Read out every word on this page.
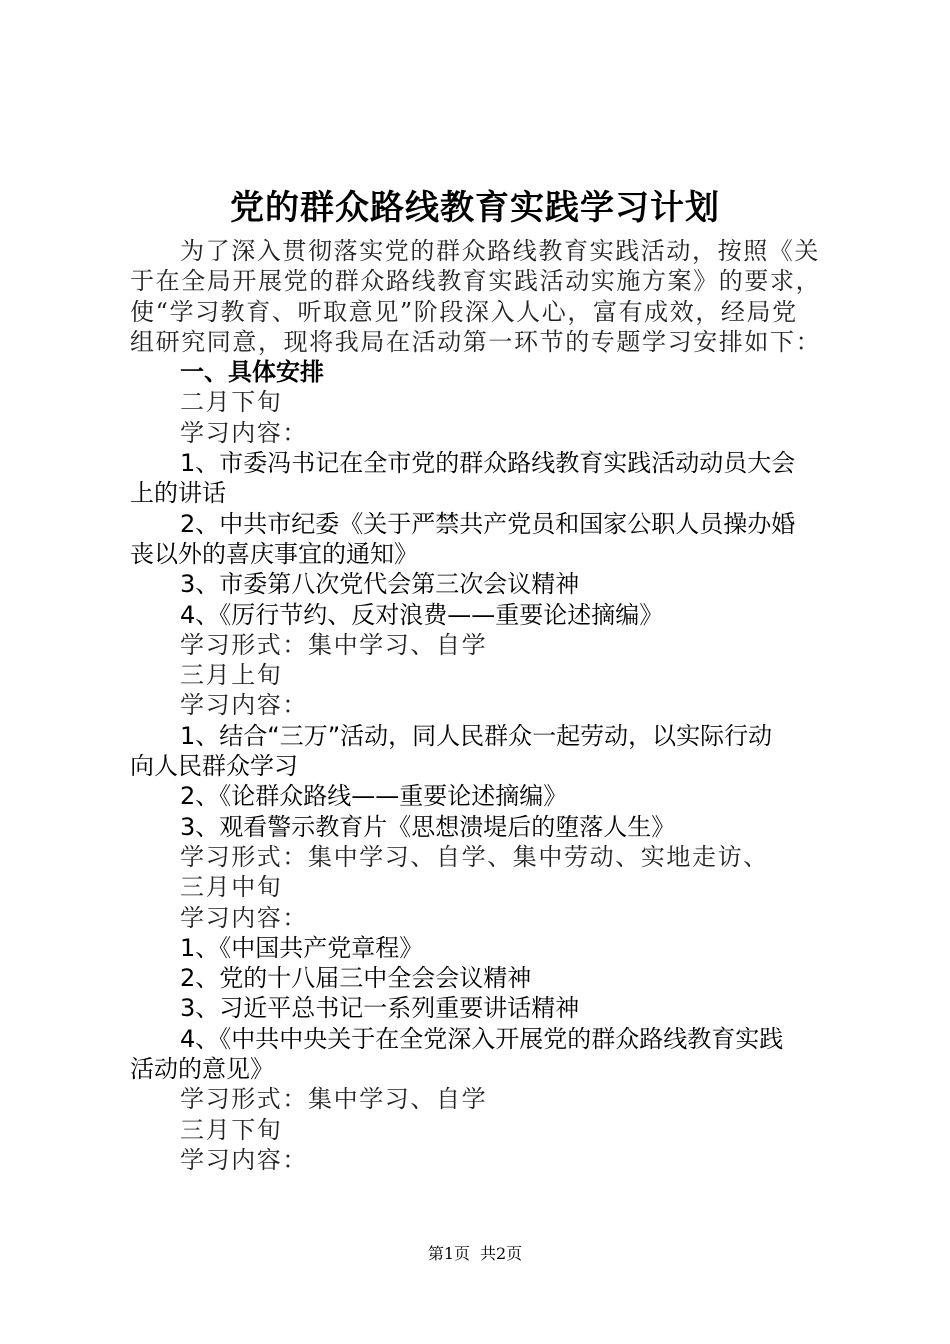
党的群众路线教育实践学习计划
为了深入贯彻落实党的群众路线教育实践活动，按照《关
于在全局开展党的群众路线教育实践活动实施方案》的要求，
使“学习教育、听取意见”阶段深入人心，富有成效，经局党
组研究同意，现将我局在活动第一环节的专题学习安排如下：
一、具体安排
二月下旬
学习内容：
1、市委冯书记在全市党的群众路线教育实践活动动员大会
上的讲话
2、中共市纪委《关于严禁共产党员和国家公职人员操办婚
丧以外的喜庆事宜的通知》
3、市委第八次党代会第三次会议精神
4、《厉行节约、反对浪费——重要论述摘编》
学习形式：集中学习、自学
三月上旬
学习内容：
1、结合“三万”活动，同人民群众一起劳动，以实际行动
向人民群众学习
2、《论群众路线——重要论述摘编》
3、观看警示教育片《思想溃堤后的堕落人生》
学习形式：集中学习、自学、集中劳动、实地走访、
三月中旬
学习内容：
1、《中国共产党章程》
2、党的十八届三中全会会议精神
3、习近平总书记一系列重要讲话精神
4、《中共中央关于在全党深入开展党的群众路线教育实践
活动的意见》
学习形式：集中学习、自学
三月下旬
学习内容：
第1页 共2页
